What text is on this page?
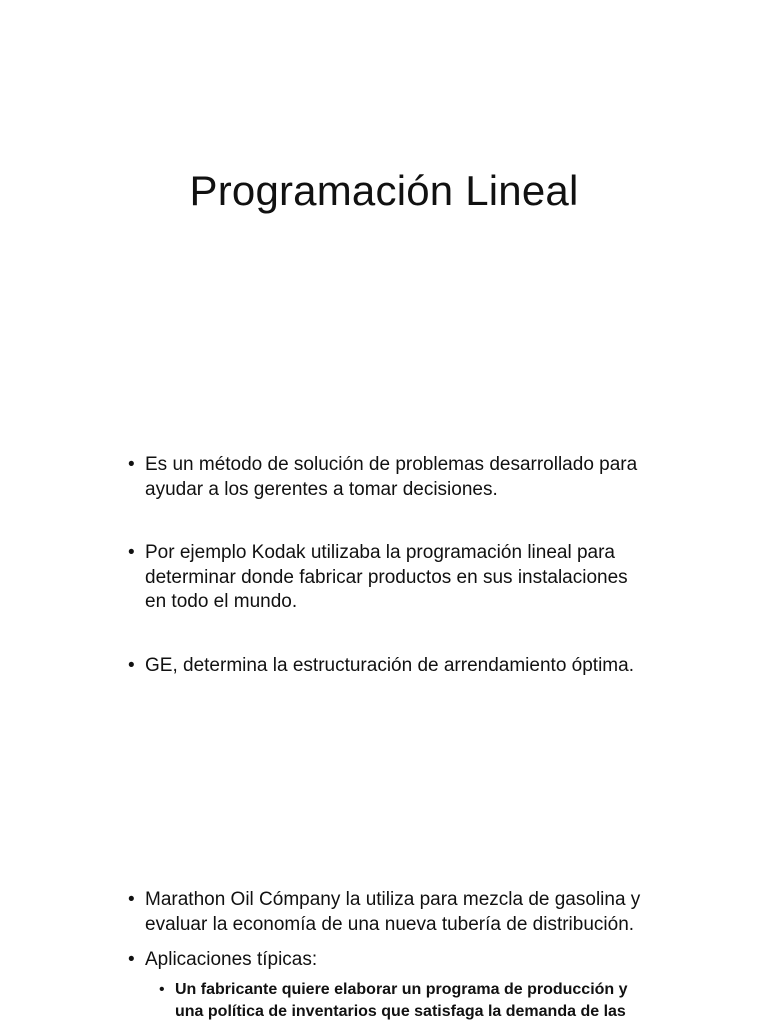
Programación Lineal
• Es un método de solución de problemas desarrollado para ayudar a los gerentes a tomar decisiones.
• Por ejemplo Kodak utilizaba la programación lineal para determinar donde fabricar productos en sus instalaciones en todo el mundo.
• GE, determina la estructuración de arrendamiento óptima.
• Marathon Oil Cómpany la utiliza para mezcla de gasolina y evaluar la economía de una nueva tubería de distribución.
• Aplicaciones típicas:
• Un fabricante quiere elaborar un programa de producción y una política de inventarios que satisfaga la demanda de las
